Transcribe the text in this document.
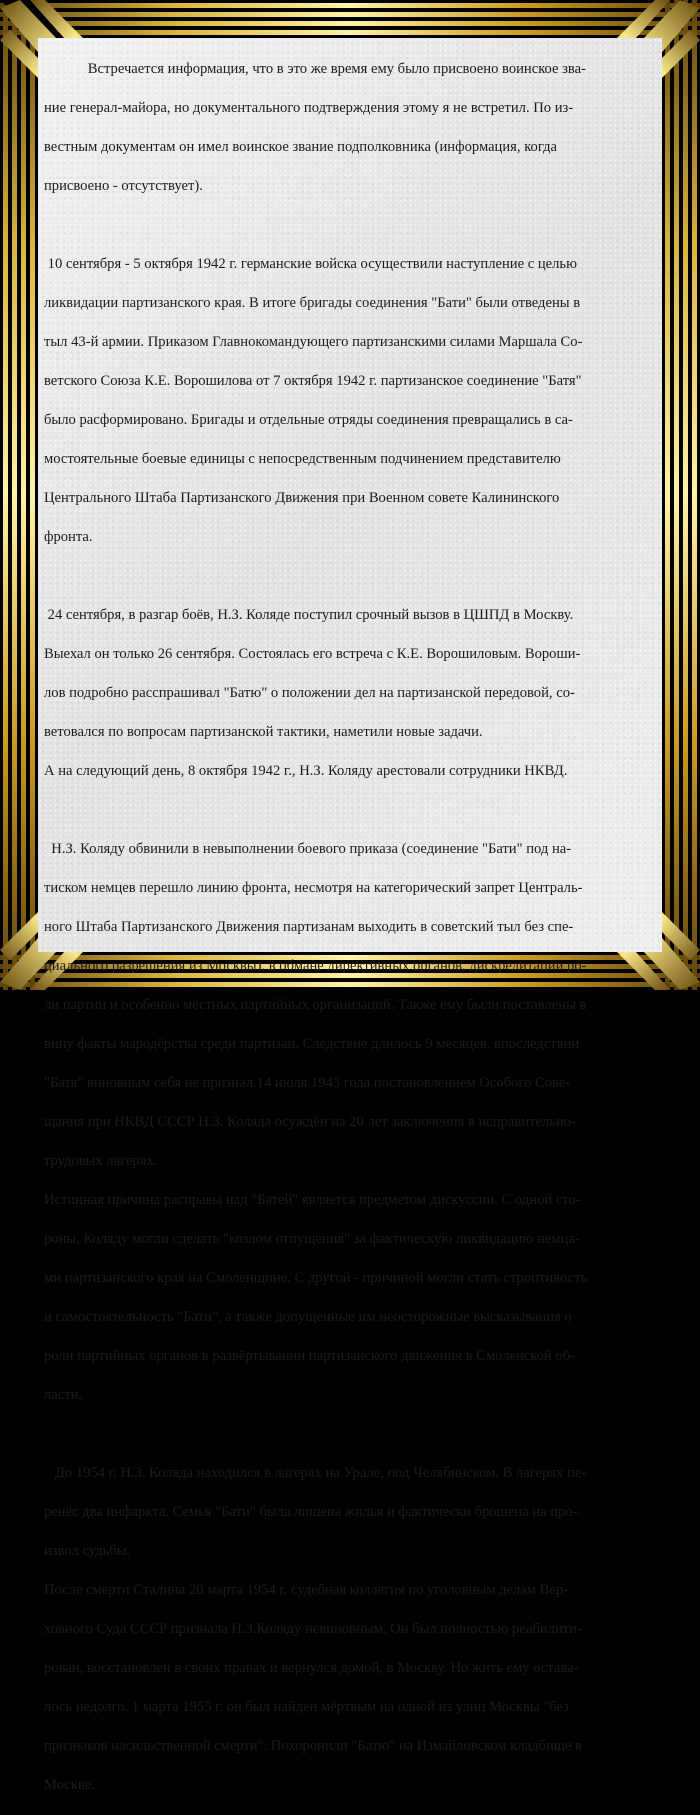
Встречается информация, что в это же время ему было присвоено воинское зва-

ние генерал-майора, но документального подтверждения этому я не встретил. По из-

вестным документам он имел воинское звание подполковника (информация, когда

присвоено - отсутствует).

10 сентября - 5 октября 1942 г. германские войска осуществили наступление с целью

ликвидации партизанского края. В итоге бригады соединения "Бати" были отведены в

тыл 43-й армии. Приказом Главнокомандующего партизанскими силами Маршала Со-

ветского Союза К.Е. Ворошилова от 7 октября 1942 г. партизанское соединение "Батя"

было расформировано. Бригады и отдельные отряды соединения превращались в са-

мостоятельные боевые единицы с непосредственным подчинением представителю

Центрального Штаба Партизанского Движения при Военном совете Калининского

фронта.

24 сентября, в разгар боёв, Н.З. Коляде поступил срочный вызов в ЦШПД в Москву.

Выехал он только 26 сентября. Состоялась его встреча с К.Е. Ворошиловым. Вороши-

лов подробно расспрашивал "Батю" о положении дел на партизанской передовой, со-

ветовался по вопросам партизанской тактики, наметили новые задачи.

А на следующий день, 8 октября 1942 г., Н.З. Коляду арестовали сотрудники НКВД.

Н.З. Коляду обвинили в невыполнении боевого приказа (соединение "Бати" под на-

тиском немцев перешло линию фронта, несмотря на категорический запрет Централь-

ного Штаба Партизанского Движения партизанам выходить в советский тыл без спе-

циального разрешения из Москвы), в обмане директивных органов, дискредитации ро-

ли партии и особенно местных партийных организаций. Также ему были поставлены в

вину факты мародёрства среди партизан. Следствие длилось 9 месяцев. впоследствии

"Батя" виновным себя не признал.14 июля 1943 года постановлением Особого Сове-

щания при НКВД СССР Н.З. Коляда осуждён на 20 лет заключения в исправительно-

трудовых лагерях.

Истинная причина расправы над "Батей" является предметом дискуссии. С одной сто-

роны, Коляду могли сделать "козлом отпущения" за фактическую ликвидацию немца-

ми партизанского края на Смоленщине. С другой - причиной могли стать строптивость

и самостоятельность "Бати", а также допущенные им неосторожные высказывания о

роли партийных органов в развёртывании партизанского движения в Смоленской об-

ласти.

До 1954 г. Н.З. Коляда находился в лагерях на Урале, под Челябинском. В лагерях пе-

ренёс два инфаркта. Семья "Бати" была лишена жилья и фактически брошена на про-

извол судьбы.

После смерти Сталина 20 марта 1954 г. судебная коллегия по уголовным делам Вер-

ховного Суда СССР признала Н.З.Коляду невиновным. Он был полностью реабилити-

рован, восстановлен в своих правах и вернулся домой, в Москву. Но жить ему остава-

лось недолго. 1 марта 1955 г. он был найден мёртвым на одной из улиц Москвы "без

признаков насильственной смерти". Похоронили "Батю" на Измайловском кладбище в

Москве.
